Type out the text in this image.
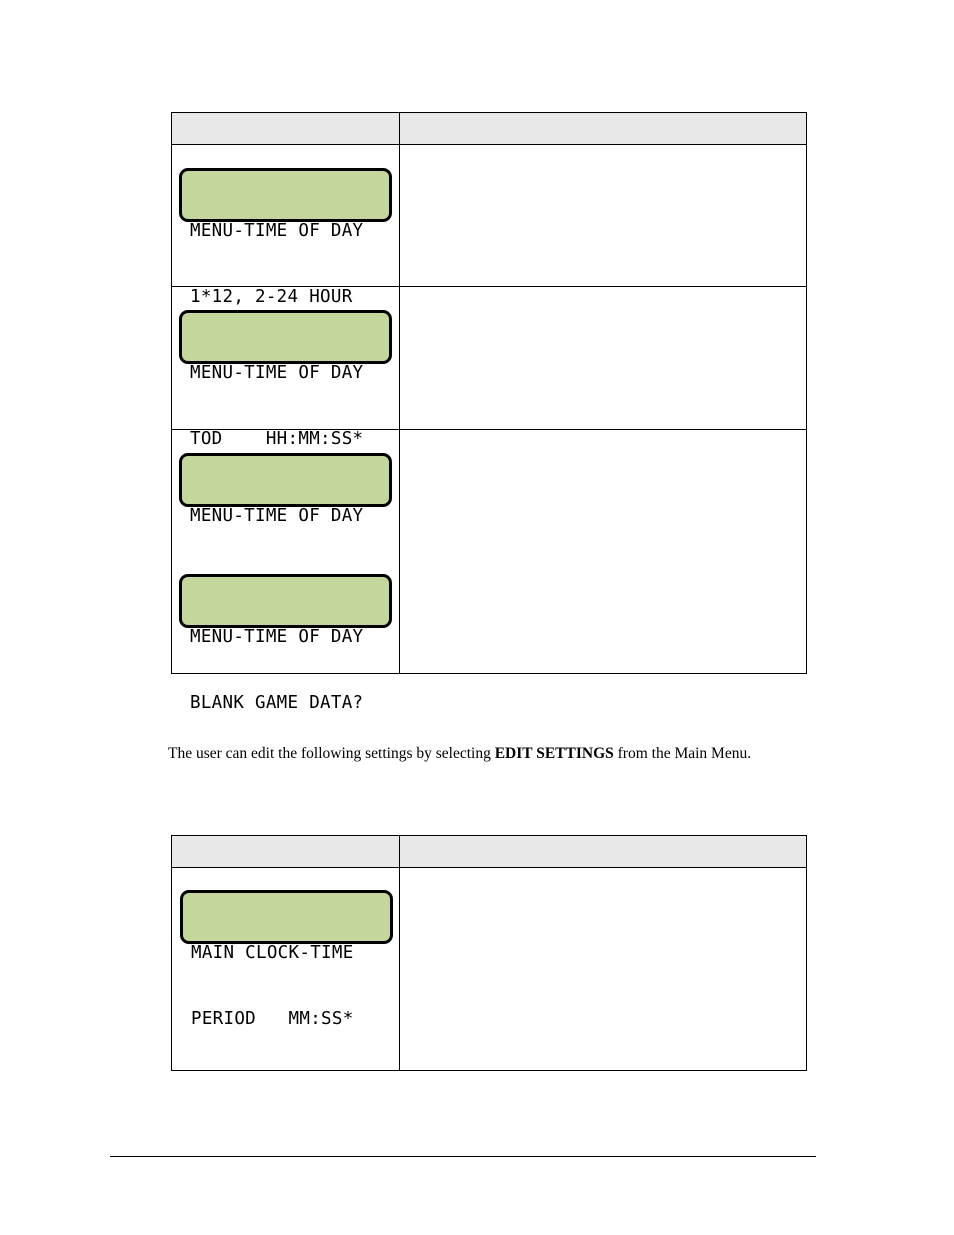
MENU-TIME OF DAY

1*12, 2-24 HOUR

MENU-TIME OF DAY

TOD    HH:MM:SS*

MENU-TIME OF DAY

MENU-TIME OF DAY

BLANK GAME DATA?

The user can edit the following settings by selecting EDIT SETTINGS from the Main Menu.

MAIN CLOCK-TIME

PERIOD   MM:SS*
